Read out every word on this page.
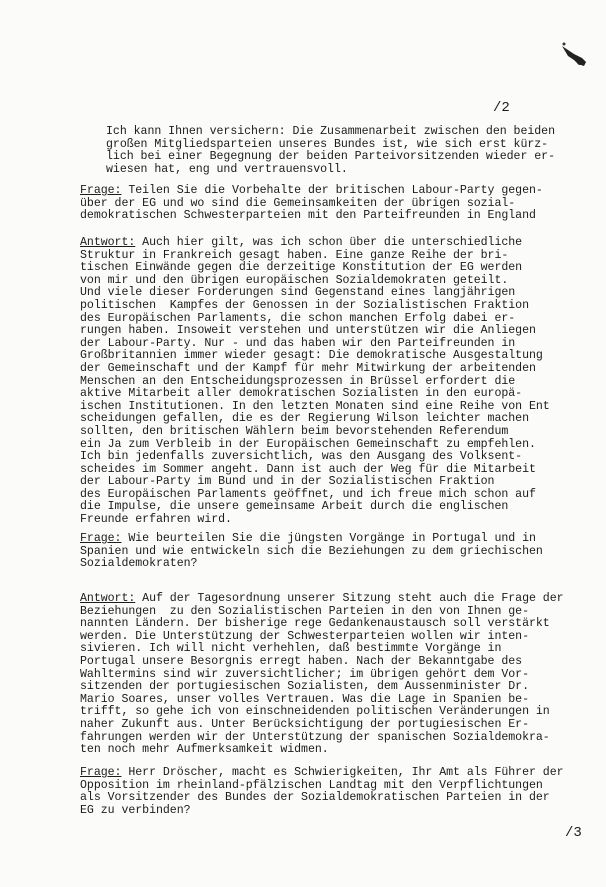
/2
Ich kann Ihnen versichern: Die Zusammenarbeit zwischen den beiden
großen Mitgliedsparteien unseres Bundes ist, wie sich erst kürz-
lich bei einer Begegnung der beiden Parteivorsitzenden wieder er-
wiesen hat, eng und vertrauensvoll.
Frage: Teilen Sie die Vorbehalte der britischen Labour-Party gegen-
über der EG und wo sind die Gemeinsamkeiten der übrigen sozial-
demokratischen Schwesterparteien mit den Parteifreunden in England
Antwort: Auch hier gilt, was ich schon über die unterschiedliche
Struktur in Frankreich gesagt haben. Eine ganze Reihe der bri-
tischen Einwände gegen die derzeitige Konstitution der EG werden
von mir und den übrigen europäischen Sozialdemokraten geteilt.
Und viele dieser Forderungen sind Gegenstand eines langjährigen
politischen  Kampfes der Genossen in der Sozialistischen Fraktion
des Europäischen Parlaments, die schon manchen Erfolg dabei er-
rungen haben. Insoweit verstehen und unterstützen wir die Anliegen
der Labour-Party. Nur - und das haben wir den Parteifreunden in
Großbritannien immer wieder gesagt: Die demokratische Ausgestaltung
der Gemeinschaft und der Kampf für mehr Mitwirkung der arbeitenden
Menschen an den Entscheidungsprozessen in Brüssel erfordert die
aktive Mitarbeit aller demokratischen Sozialisten in den europä-
ischen Institutionen. In den letzten Monaten sind eine Reihe von Ent
scheidungen gefallen, die es der Regierung Wilson leichter machen
sollten, den britischen Wählern beim bevorstehenden Referendum
ein Ja zum Verbleib in der Europäischen Gemeinschaft zu empfehlen.
Ich bin jedenfalls zuversichtlich, was den Ausgang des Volksent-
scheides im Sommer angeht. Dann ist auch der Weg für die Mitarbeit
der Labour-Party im Bund und in der Sozialistischen Fraktion
des Europäischen Parlaments geöffnet, und ich freue mich schon auf
die Impulse, die unsere gemeinsame Arbeit durch die englischen
Freunde erfahren wird.
Frage: Wie beurteilen Sie die jüngsten Vorgänge in Portugal und in
Spanien und wie entwickeln sich die Beziehungen zu dem griechischen
Sozialdemokraten?
Antwort: Auf der Tagesordnung unserer Sitzung steht auch die Frage der
Beziehungen  zu den Sozialistischen Parteien in den von Ihnen ge-
nannten Ländern. Der bisherige rege Gedankenaustausch soll verstärkt
werden. Die Unterstützung der Schwesterparteien wollen wir inten-
sivieren. Ich will nicht verhehlen, daß bestimmte Vorgänge in
Portugal unsere Besorgnis erregt haben. Nach der Bekanntgabe des
Wahltermins sind wir zuversichtlicher; im übrigen gehört dem Vor-
sitzenden der portugiesischen Sozialisten, dem Aussenminister Dr.
Mario Soares, unser volles Vertrauen. Was die Lage in Spanien be-
trifft, so gehe ich von einschneidenden politischen Veränderungen in
naher Zukunft aus. Unter Berücksichtigung der portugiesischen Er-
fahrungen werden wir der Unterstützung der spanischen Sozialdemokra-
ten noch mehr Aufmerksamkeit widmen.
Frage: Herr Dröscher, macht es Schwierigkeiten, Ihr Amt als Führer der
Opposition im rheinland-pfälzischen Landtag mit den Verpflichtungen
als Vorsitzender des Bundes der Sozialdemokratischen Parteien in der
EG zu verbinden?
/3
